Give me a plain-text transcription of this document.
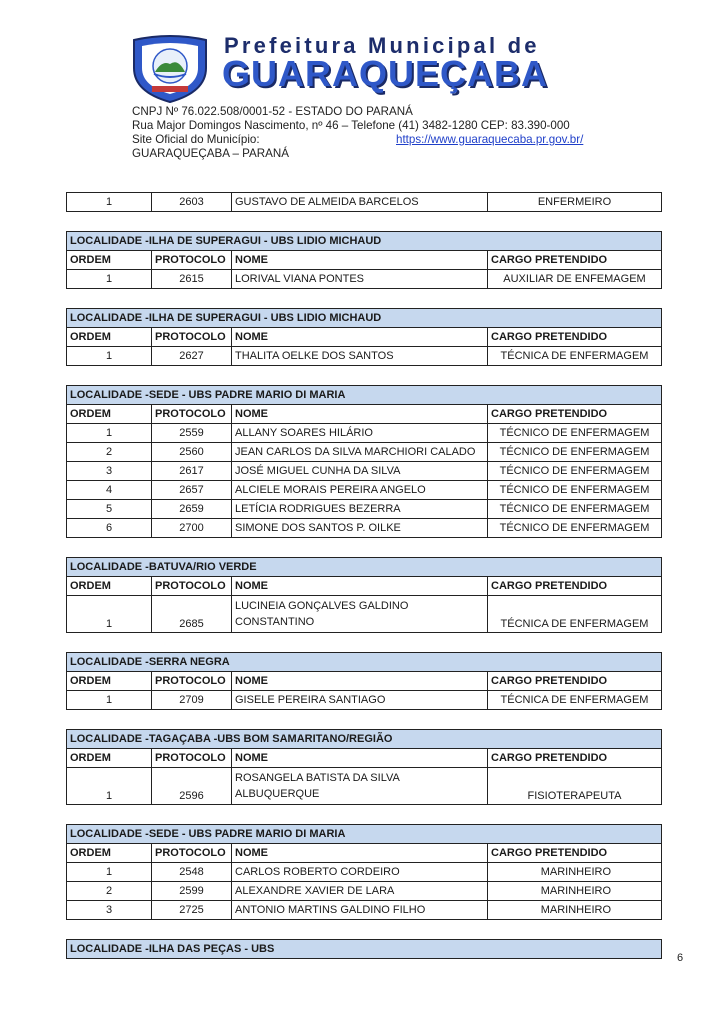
Prefeitura Municipal de
GUARAQUEÇABA
CNPJ Nº 76.022.508/0001-52 - ESTADO DO PARANÁ
Rua Major Domingos Nascimento, nº 46 – Telefone (41) 3482-1280 CEP: 83.390-000
Site Oficial do Município:	https://www.guaraquecaba.pr.gov.br/
GUARAQUEÇABA – PARANÁ
1	2603	GUSTAVO DE ALMEIDA BARCELOS	ENFERMEIRO

LOCALIDADE -ILHA DE SUPERAGUI - UBS LIDIO MICHAUD			
ORDEM	PROTOCOLO	NOME	CARGO PRETENDIDO
1	2615	LORIVAL VIANA PONTES	AUXILIAR DE ENFEMAGEM

LOCALIDADE -ILHA DE SUPERAGUI - UBS LIDIO MICHAUD			
ORDEM	PROTOCOLO	NOME	CARGO PRETENDIDO
1	2627	THALITA OELKE DOS SANTOS	TÉCNICA DE ENFERMAGEM

LOCALIDADE -SEDE - UBS PADRE MARIO DI MARIA			
ORDEM	PROTOCOLO	NOME	CARGO PRETENDIDO
1	2559	ALLANY SOARES HILÁRIO	TÉCNICO DE ENFERMAGEM
2	2560	JEAN CARLOS DA SILVA MARCHIORI CALADO	TÉCNICO DE ENFERMAGEM
3	2617	JOSÉ MIGUEL CUNHA DA SILVA	TÉCNICO DE ENFERMAGEM
4	2657	ALCIELE MORAIS PEREIRA ANGELO	TÉCNICO DE ENFERMAGEM
5	2659	LETÍCIA RODRIGUES BEZERRA	TÉCNICO DE ENFERMAGEM
6	2700	SIMONE DOS SANTOS P. OILKE	TÉCNICO DE ENFERMAGEM

LOCALIDADE -BATUVA/RIO VERDE			
ORDEM	PROTOCOLO	NOME	CARGO PRETENDIDO
1	2685	LUCINEIA GONÇALVES GALDINO
CONSTANTINO	TÉCNICA DE ENFERMAGEM

LOCALIDADE -SERRA NEGRA			
ORDEM	PROTOCOLO	NOME	CARGO PRETENDIDO
1	2709	GISELE PEREIRA SANTIAGO	TÉCNICA DE ENFERMAGEM

LOCALIDADE -TAGAÇABA -UBS BOM SAMARITANO/REGIÃO			
ORDEM	PROTOCOLO	NOME	CARGO PRETENDIDO
1	2596	ROSANGELA BATISTA DA SILVA
ALBUQUERQUE	FISIOTERAPEUTA

LOCALIDADE -SEDE - UBS PADRE MARIO DI MARIA			
ORDEM	PROTOCOLO	NOME	CARGO PRETENDIDO
1	2548	CARLOS ROBERTO CORDEIRO	MARINHEIRO
2	2599	ALEXANDRE XAVIER DE LARA	MARINHEIRO
3	2725	ANTONIO MARTINS GALDINO FILHO	MARINHEIRO

LOCALIDADE -ILHA DAS PEÇAS - UBS			
6
